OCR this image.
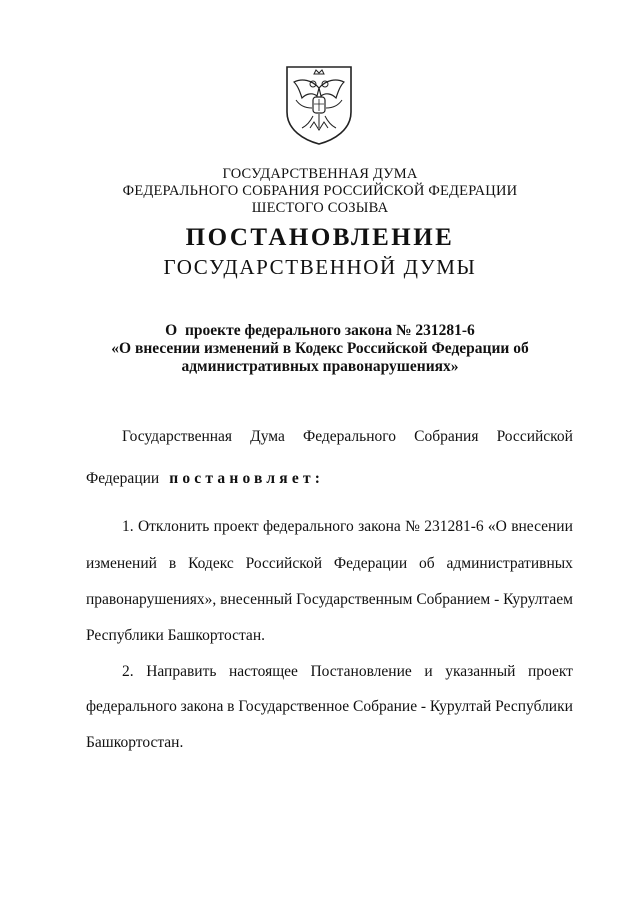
ГОСУДАРСТВЕННАЯ ДУМА
ФЕДЕРАЛЬНОГО СОБРАНИЯ РОССИЙСКОЙ ФЕДЕРАЦИИ
ШЕСТОГО СОЗЫВА
ПОСТАНОВЛЕНИЕ
ГОСУДАРСТВЕННОЙ ДУМЫ
О  проекте федерального закона № 231281-6
«О внесении изменений в Кодекс Российской Федерации об
административных правонарушениях»
Государственная Дума Федерального Собрания Российской
Федерации постановляет:
1. Отклонить проект федерального закона № 231281-6 «О внесении
изменений в Кодекс Российской Федерации об административных
правонарушениях», внесенный Государственным Собранием - Курултаем
Республики Башкортостан.
2. Направить настоящее Постановление и указанный проект
федерального закона в Государственное Собрание - Курултай Республики
Башкортостан.
